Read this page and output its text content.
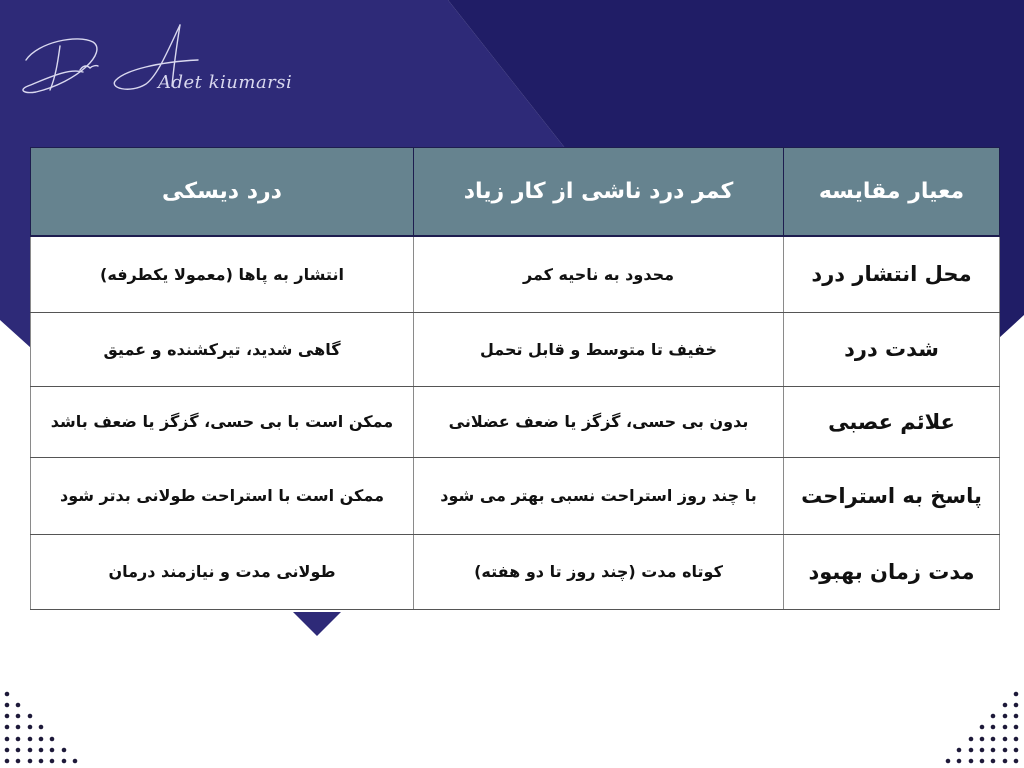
Adet kiumarsi
معیار مقایسه	کمر درد ناشی از کار زیاد	درد دیسکی
محل انتشار درد	محدود به ناحیه کمر	انتشار به پاها (معمولا یکطرفه)
شدت درد	خفیف تا متوسط و قابل تحمل	گاهی شدید، تیرکشنده و عمیق
علائم عصبی	بدون بی حسی، گزگز یا ضعف عضلانی	ممکن است با بی حسی، گزگز یا ضعف باشد
پاسخ به استراحت	با چند روز استراحت نسبی بهتر می شود	ممکن است با استراحت طولانی بدتر شود
مدت زمان بهبود	کوتاه مدت (چند روز تا دو هفته)	طولانی مدت و نیازمند درمان
